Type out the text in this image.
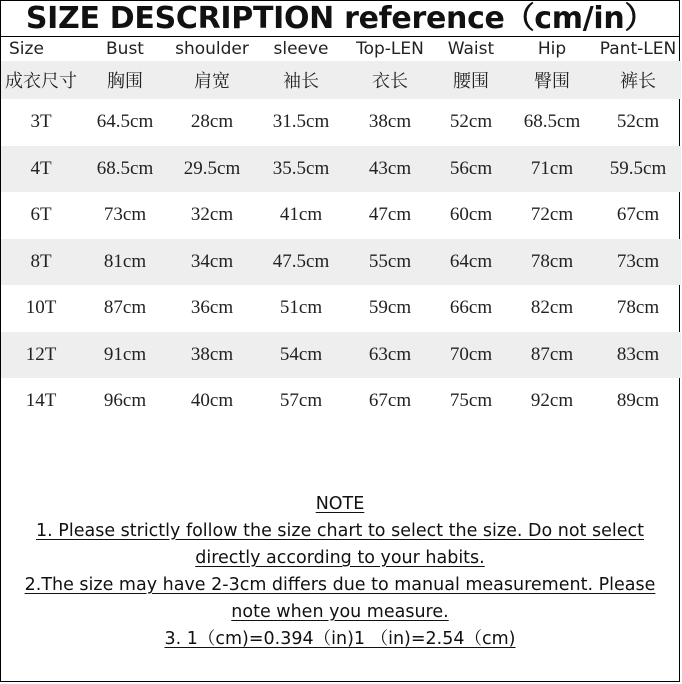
SIZE DESCRIPTION reference（cm/in）
Size	Bust	shoulder	sleeve	Top-LEN	Waist	Hip	Pant-LEN
成衣尺寸	胸围	肩宽	袖长	衣长	腰围	臀围	裤长
3T	64.5cm	28cm	31.5cm	38cm	52cm	68.5cm	52cm
4T	68.5cm	29.5cm	35.5cm	43cm	56cm	71cm	59.5cm
6T	73cm	32cm	41cm	47cm	60cm	72cm	67cm
8T	81cm	34cm	47.5cm	55cm	64cm	78cm	73cm
10T	87cm	36cm	51cm	59cm	66cm	82cm	78cm
12T	91cm	38cm	54cm	63cm	70cm	87cm	83cm
14T	96cm	40cm	57cm	67cm	75cm	92cm	89cm
NOTE
1. Please strictly follow the size chart to select the size. Do not select
directly according to your habits.
2.The size may have 2-3cm differs due to manual measurement. Please
note when you measure.
3. 1（cm)=0.394（in)1 （in)=2.54（cm)
